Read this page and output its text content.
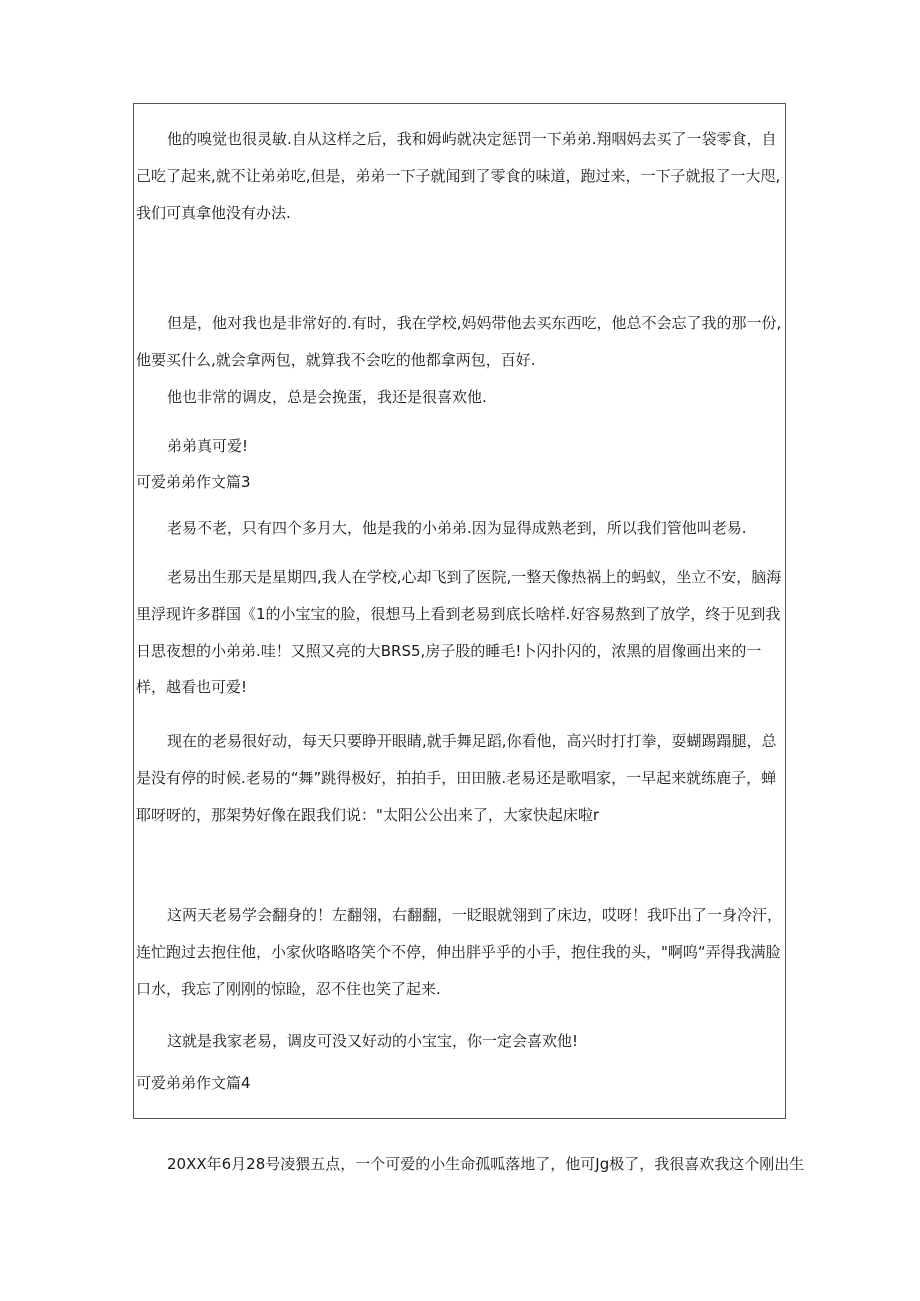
他的嗅觉也很灵敏.自从这样之后，我和姆屿就决定惩罚一下弟弟.翔咽妈去买了一袋零食，自己吃了起来,就不让弟弟吃,但是，弟弟一下子就闻到了零食的味道，跑过来，一下子就报了一大咫,我们可真拿他没有办法.

但是，他对我也是非常好的.有时，我在学校,妈妈带他去买东西吃，他总不会忘了我的那一份,他要买什么,就会拿两包，就算我不会吃的他都拿两包，百好.

他也非常的调皮，总是会挽蛋，我还是很喜欢他.

弟弟真可爱!

可爱弟弟作文篇3

老易不老，只有四个多月大，他是我的小弟弟.因为显得成熟老到，所以我们管他叫老易.

老易出生那天是星期四,我人在学校,心却飞到了医院,一整天像热祸上的蚂蚁，坐立不安，脑海里浮现许多群国《1的小宝宝的脸，很想马上看到老易到底长啥样.好容易熬到了放学，终于见到我日思夜想的小弟弟.哇！又照又亮的大BRS5,房子股的睡毛!卜闪扑闪的，浓黑的眉像画出来的一样，越看也可爱!

现在的老易很好动，每天只要睁开眼睛,就手舞足蹈,你看他，高兴时打打拳，耍蝴踢蹋腿，总是没有停的时候.老易的“舞”跳得极好，拍拍手，田田腋.老易还是歌唱家，一早起来就练鹿子，蝉耶呀呀的，那架势好像在跟我们说："太阳公公出来了，大家快起床啦r

这两天老易学会翻身的！左翻翎，右翻翻，一眨眼就翎到了床边，哎呀！我吓出了一身冷汗，连忙跑过去抱住他，小家伙咯略咯笑个不停，伸出胖乎乎的小手，抱住我的头，"啊呜“弄得我满脸口水，我忘了刚刚的惊睑，忍不住也笑了起来.

这就是我家老易，调皮可没又好动的小宝宝，你一定会喜欢他!

可爱弟弟作文篇4

20XX年6月28号凌猥五点，一个可爱的小生命孤呱落地了，他可Jg极了，我很喜欢我这个刚出生
